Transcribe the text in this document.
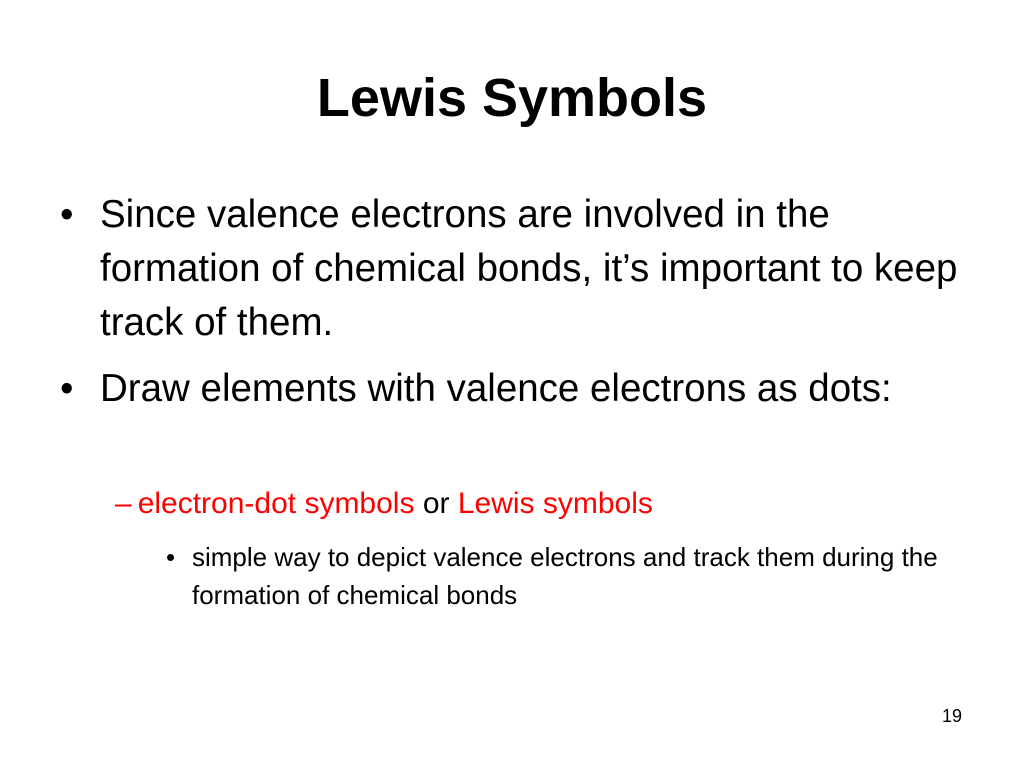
Lewis Symbols
• Since valence electrons are involved in the formation of chemical bonds, it’s important to keep track of them.
• Draw elements with valence electrons as dots:
– electron-dot symbols or Lewis symbols
• simple way to depict valence electrons and track them during the formation of chemical bonds
19
